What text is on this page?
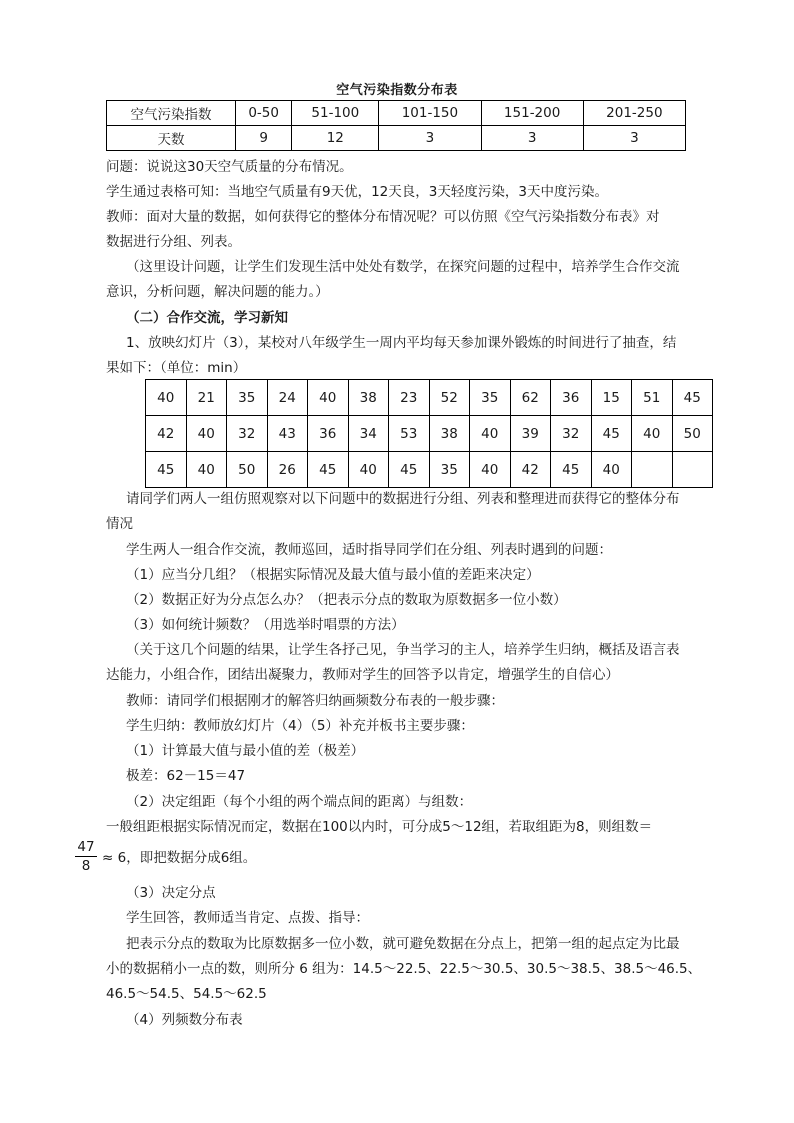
空气污染指数分布表
空气污染指数	0-50	51-100	101-150	151-200	201-250
天数	9	12	3	3	3
问题：说说这30天空气质量的分布情况。
学生通过表格可知：当地空气质量有9天优，12天良，3天轻度污染，3天中度污染。
教师：面对大量的数据，如何获得它的整体分布情况呢？可以仿照《空气污染指数分布表》对
数据进行分组、列表。
（这里设计问题，让学生们发现生活中处处有数学，在探究问题的过程中，培养学生合作交流
意识，分析问题，解决问题的能力。）
（二）合作交流，学习新知
1、放映幻灯片（3），某校对八年级学生一周内平均每天参加课外锻炼的时间进行了抽查，结
果如下：（单位：min）
40	21	35	24	40	38	23	52	35	62	36	15	51	45
42	40	32	43	36	34	53	38	40	39	32	45	40	50
45	40	50	26	45	40	45	35	40	42	45	40		
请同学们两人一组仿照观察对以下问题中的数据进行分组、列表和整理进而获得它的整体分布
情况
学生两人一组合作交流，教师巡回，适时指导同学们在分组、列表时遇到的问题：
（1）应当分几组？（根据实际情况及最大值与最小值的差距来决定）
（2）数据正好为分点怎么办？（把表示分点的数取为原数据多一位小数）
（3）如何统计频数？（用选举时唱票的方法）
（关于这几个问题的结果，让学生各抒己见，争当学习的主人，培养学生归纳，概括及语言表
达能力，小组合作，团结出凝聚力，教师对学生的回答予以肯定，增强学生的自信心）
教师：请同学们根据刚才的解答归纳画频数分布表的一般步骤：
学生归纳：教师放幻灯片（4）（5）补充并板书主要步骤：
（1）计算最大值与最小值的差（极差）
极差：62－15＝47
（2）决定组距（每个小组的两个端点间的距离）与组数：
一般组距根据实际情况而定，数据在100以内时，可分成5～12组，若取组距为8，则组数＝
$\frac{47}{8} \approx 6$，即把数据分成6组。
（3）决定分点
学生回答，教师适当肯定、点拨、指导：
把表示分点的数取为比原数据多一位小数，就可避免数据在分点上，把第一组的起点定为比最
小的数据稍小一点的数，则所分 6 组为：14.5～22.5、22.5～30.5、30.5～38.5、38.5～46.5、
46.5～54.5、54.5～62.5
（4）列频数分布表
